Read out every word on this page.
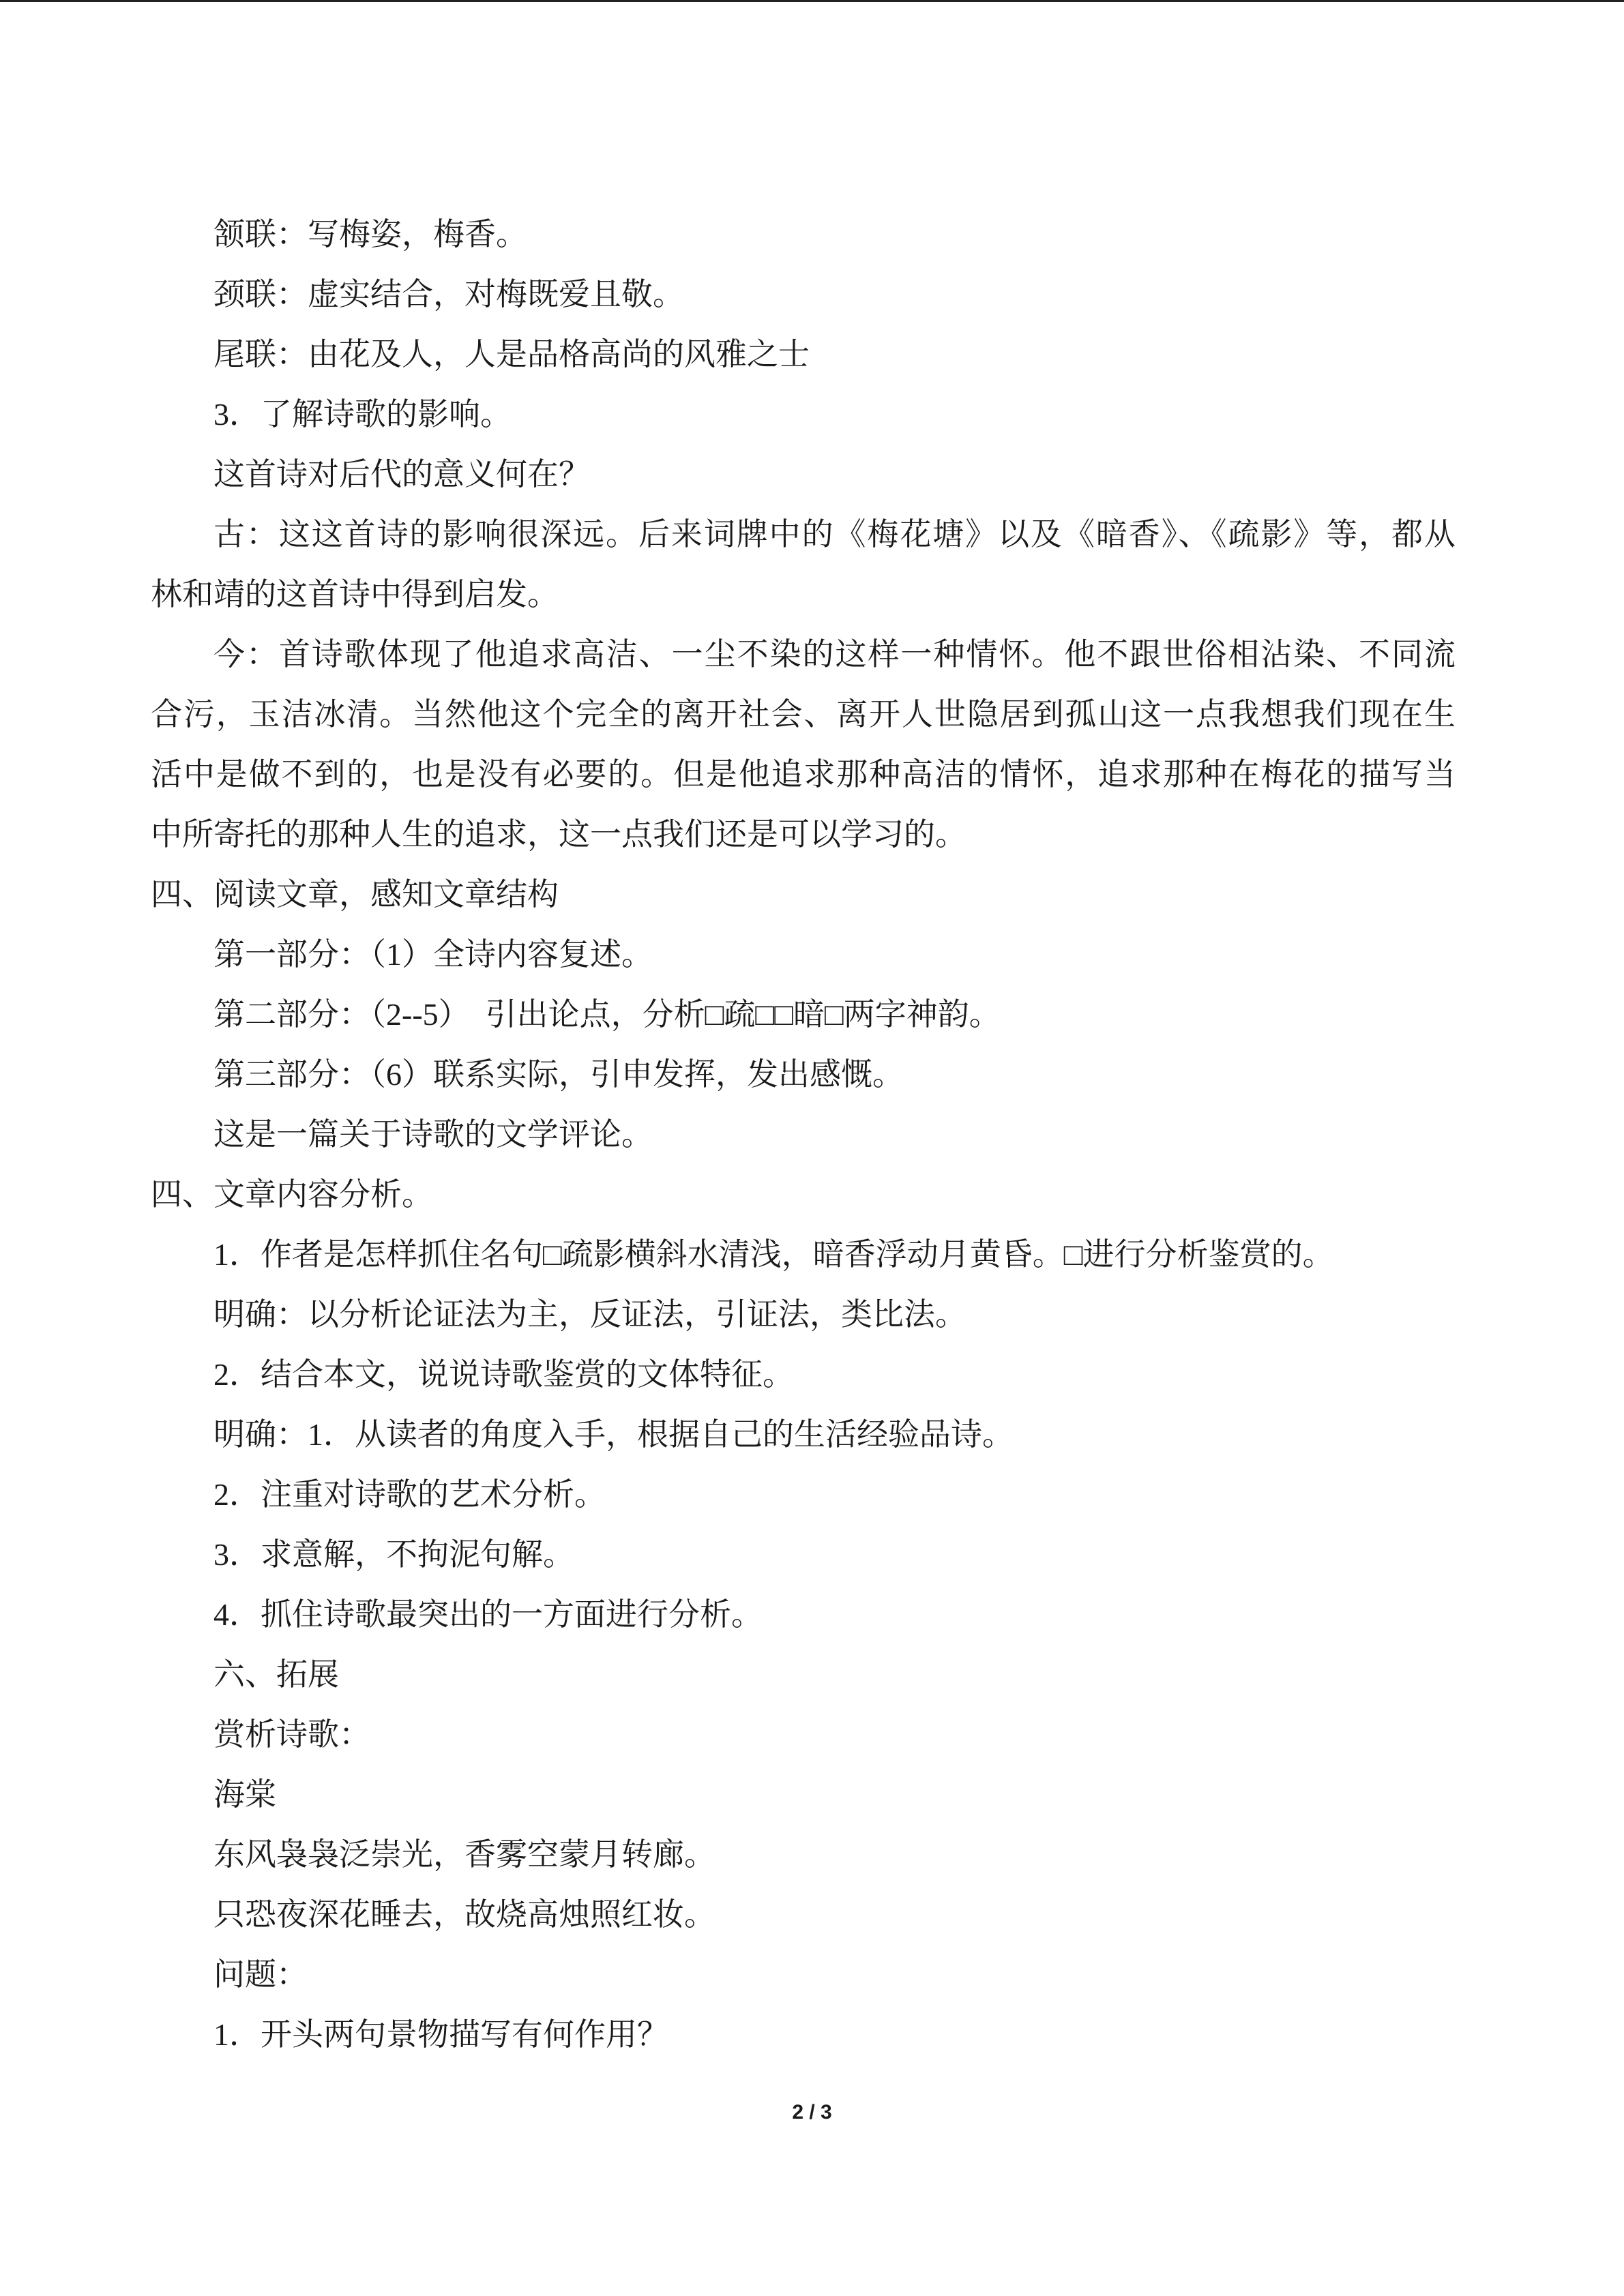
颔联：写梅姿，梅香。
颈联：虚实结合，对梅既爱且敬。
尾联：由花及人，人是品格高尚的风雅之士
3．了解诗歌的影响。
这首诗对后代的意义何在？
古：这这首诗的影响很深远。后来词牌中的《梅花塘》以及《暗香》、《疏影》等，都从
林和靖的这首诗中得到启发。
今：首诗歌体现了他追求高洁、一尘不染的这样一种情怀。他不跟世俗相沾染、不同流
合污，玉洁冰清。当然他这个完全的离开社会、离开人世隐居到孤山这一点我想我们现在生
活中是做不到的，也是没有必要的。但是他追求那种高洁的情怀，追求那种在梅花的描写当
中所寄托的那种人生的追求，这一点我们还是可以学习的。
四、阅读文章，感知文章结构
第一部分：（1）全诗内容复述。
第二部分：（2--5）  引出论点，分析□疏□□暗□两字神韵。
第三部分：（6）联系实际，引申发挥，发出感慨。
这是一篇关于诗歌的文学评论。
四、文章内容分析。
1．作者是怎样抓住名句□疏影横斜水清浅，暗香浮动月黄昏。□进行分析鉴赏的。
明确：以分析论证法为主，反证法，引证法，类比法。
2．结合本文，说说诗歌鉴赏的文体特征。
明确：1．从读者的角度入手，根据自己的生活经验品诗。
2．注重对诗歌的艺术分析。
3．求意解，不拘泥句解。
4．抓住诗歌最突出的一方面进行分析。
六、拓展
赏析诗歌：
海棠
东风袅袅泛崇光，香雾空蒙月转廊。
只恐夜深花睡去，故烧高烛照红妆。
问题：
1．开头两句景物描写有何作用？
2 / 3
